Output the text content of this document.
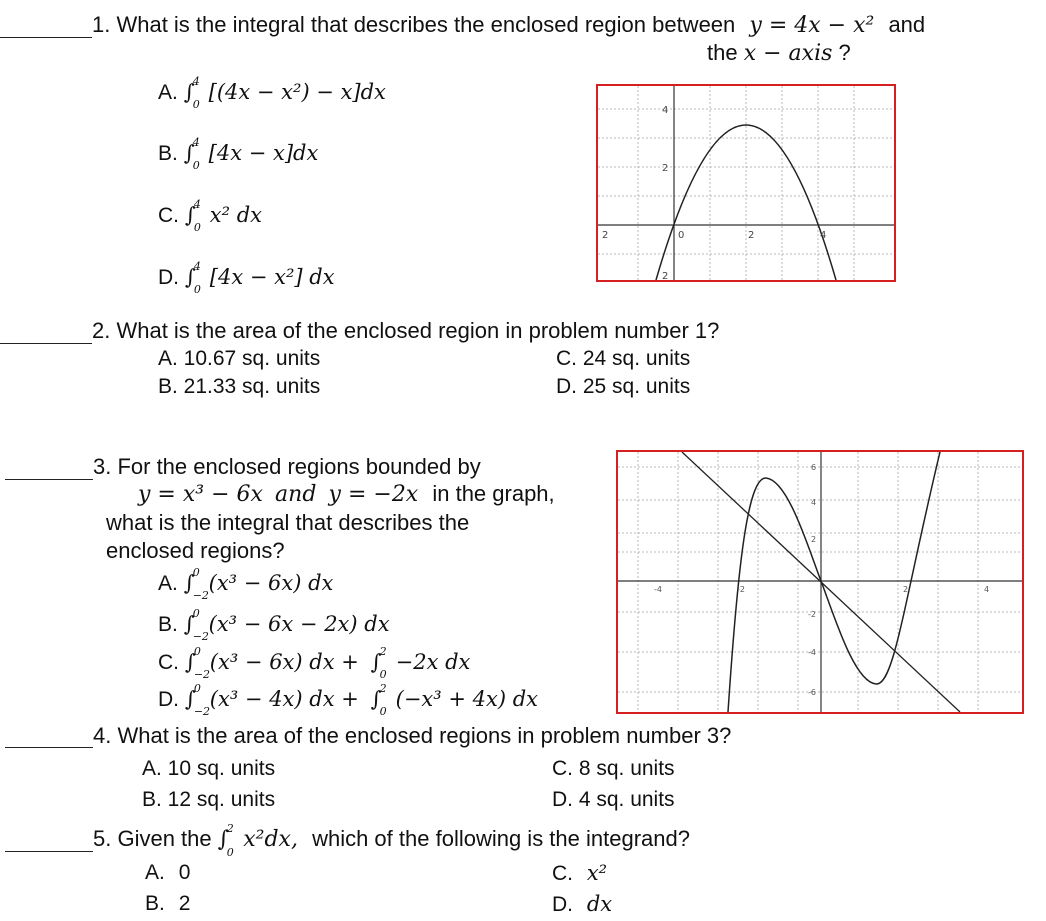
1. What is the integral that describes the enclosed region between y = 4x − x² and
the x − axis ?
A. ∫
4
0
[(4x − x²) − x]dx
B. ∫
4
0
[4x − x]dx
C. ∫
4
0
x² dx
D. ∫
4
0
[4x − x²] dx
2	0	2	4
4
2
2
2. What is the area of the enclosed region in problem number 1?
A. 10.67 sq. units
B. 21.33 sq. units
C. 24 sq. units
D. 25 sq. units
3. For the enclosed regions bounded by
y = x³ − 6x and y = −2x in the graph,
what is the integral that describes the
enclosed regions?
A. ∫
0
−2
(x³ − 6x) dx
B. ∫
0
−2
(x³ − 6x − 2x) dx
C. ∫
0
−2
(x³ − 6x) dx + ∫
2
0
−2x dx
D. ∫
0
−2
(x³ − 4x) dx + ∫
2
0
(−x³ + 4x) dx
-4	-2	2	4
6
4
2
-2
-4
-6
4. What is the area of the enclosed regions in problem number 3?
A. 10 sq. units
B. 12 sq. units
C. 8 sq. units
D. 4 sq. units
5. Given the ∫
2
0
x²dx, which of the following is the integrand?
A. 0
B. 2
C. x²
D. dx
